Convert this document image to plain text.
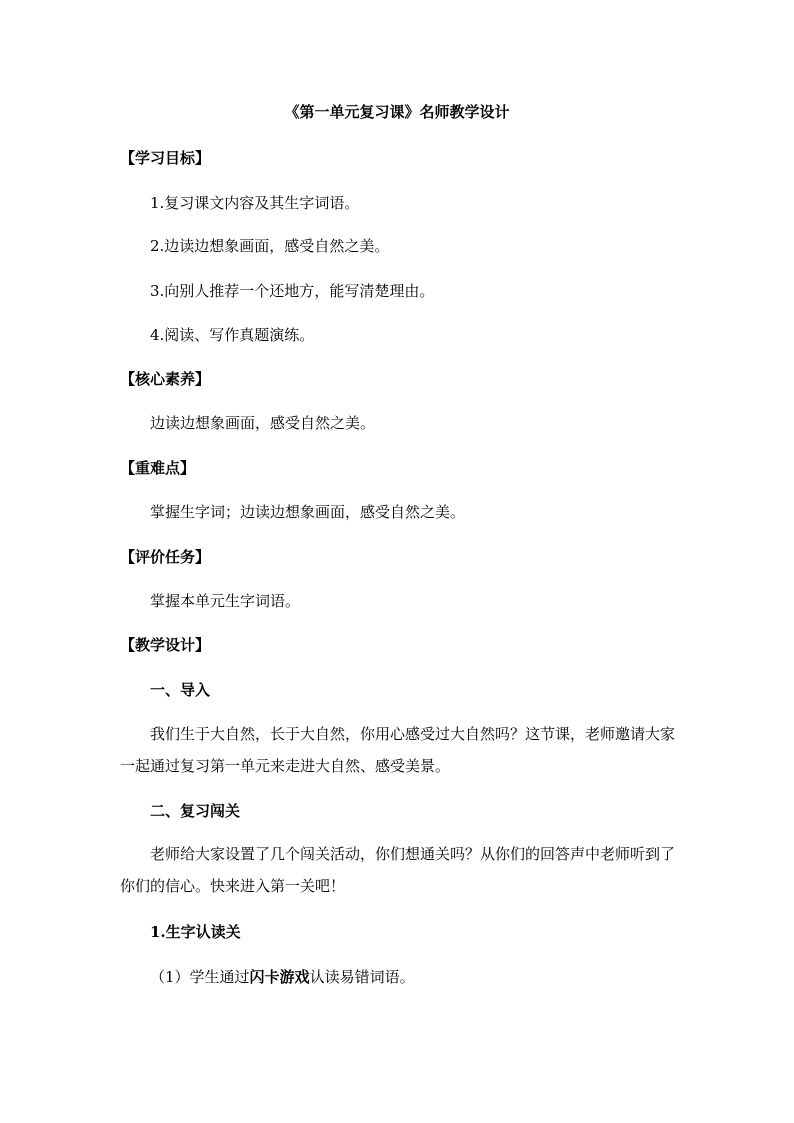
《第一单元复习课》名师教学设计

【学习目标】

1.复习课文内容及其生字词语。

2.边读边想象画面，感受自然之美。

3.向别人推荐一个还地方，能写清楚理由。

4.阅读、写作真题演练。

【核心素养】

边读边想象画面，感受自然之美。

【重难点】

掌握生字词；边读边想象画面，感受自然之美。

【评价任务】

掌握本单元生字词语。

【教学设计】

一、导入

我们生于大自然，长于大自然，你用心感受过大自然吗？这节课，老师邀请大家一起通过复习第一单元来走进大自然、感受美景。

二、复习闯关

老师给大家设置了几个闯关活动，你们想通关吗？从你们的回答声中老师听到了你们的信心。快来进入第一关吧！

1.生字认读关

（1）学生通过闪卡游戏认读易错词语。
